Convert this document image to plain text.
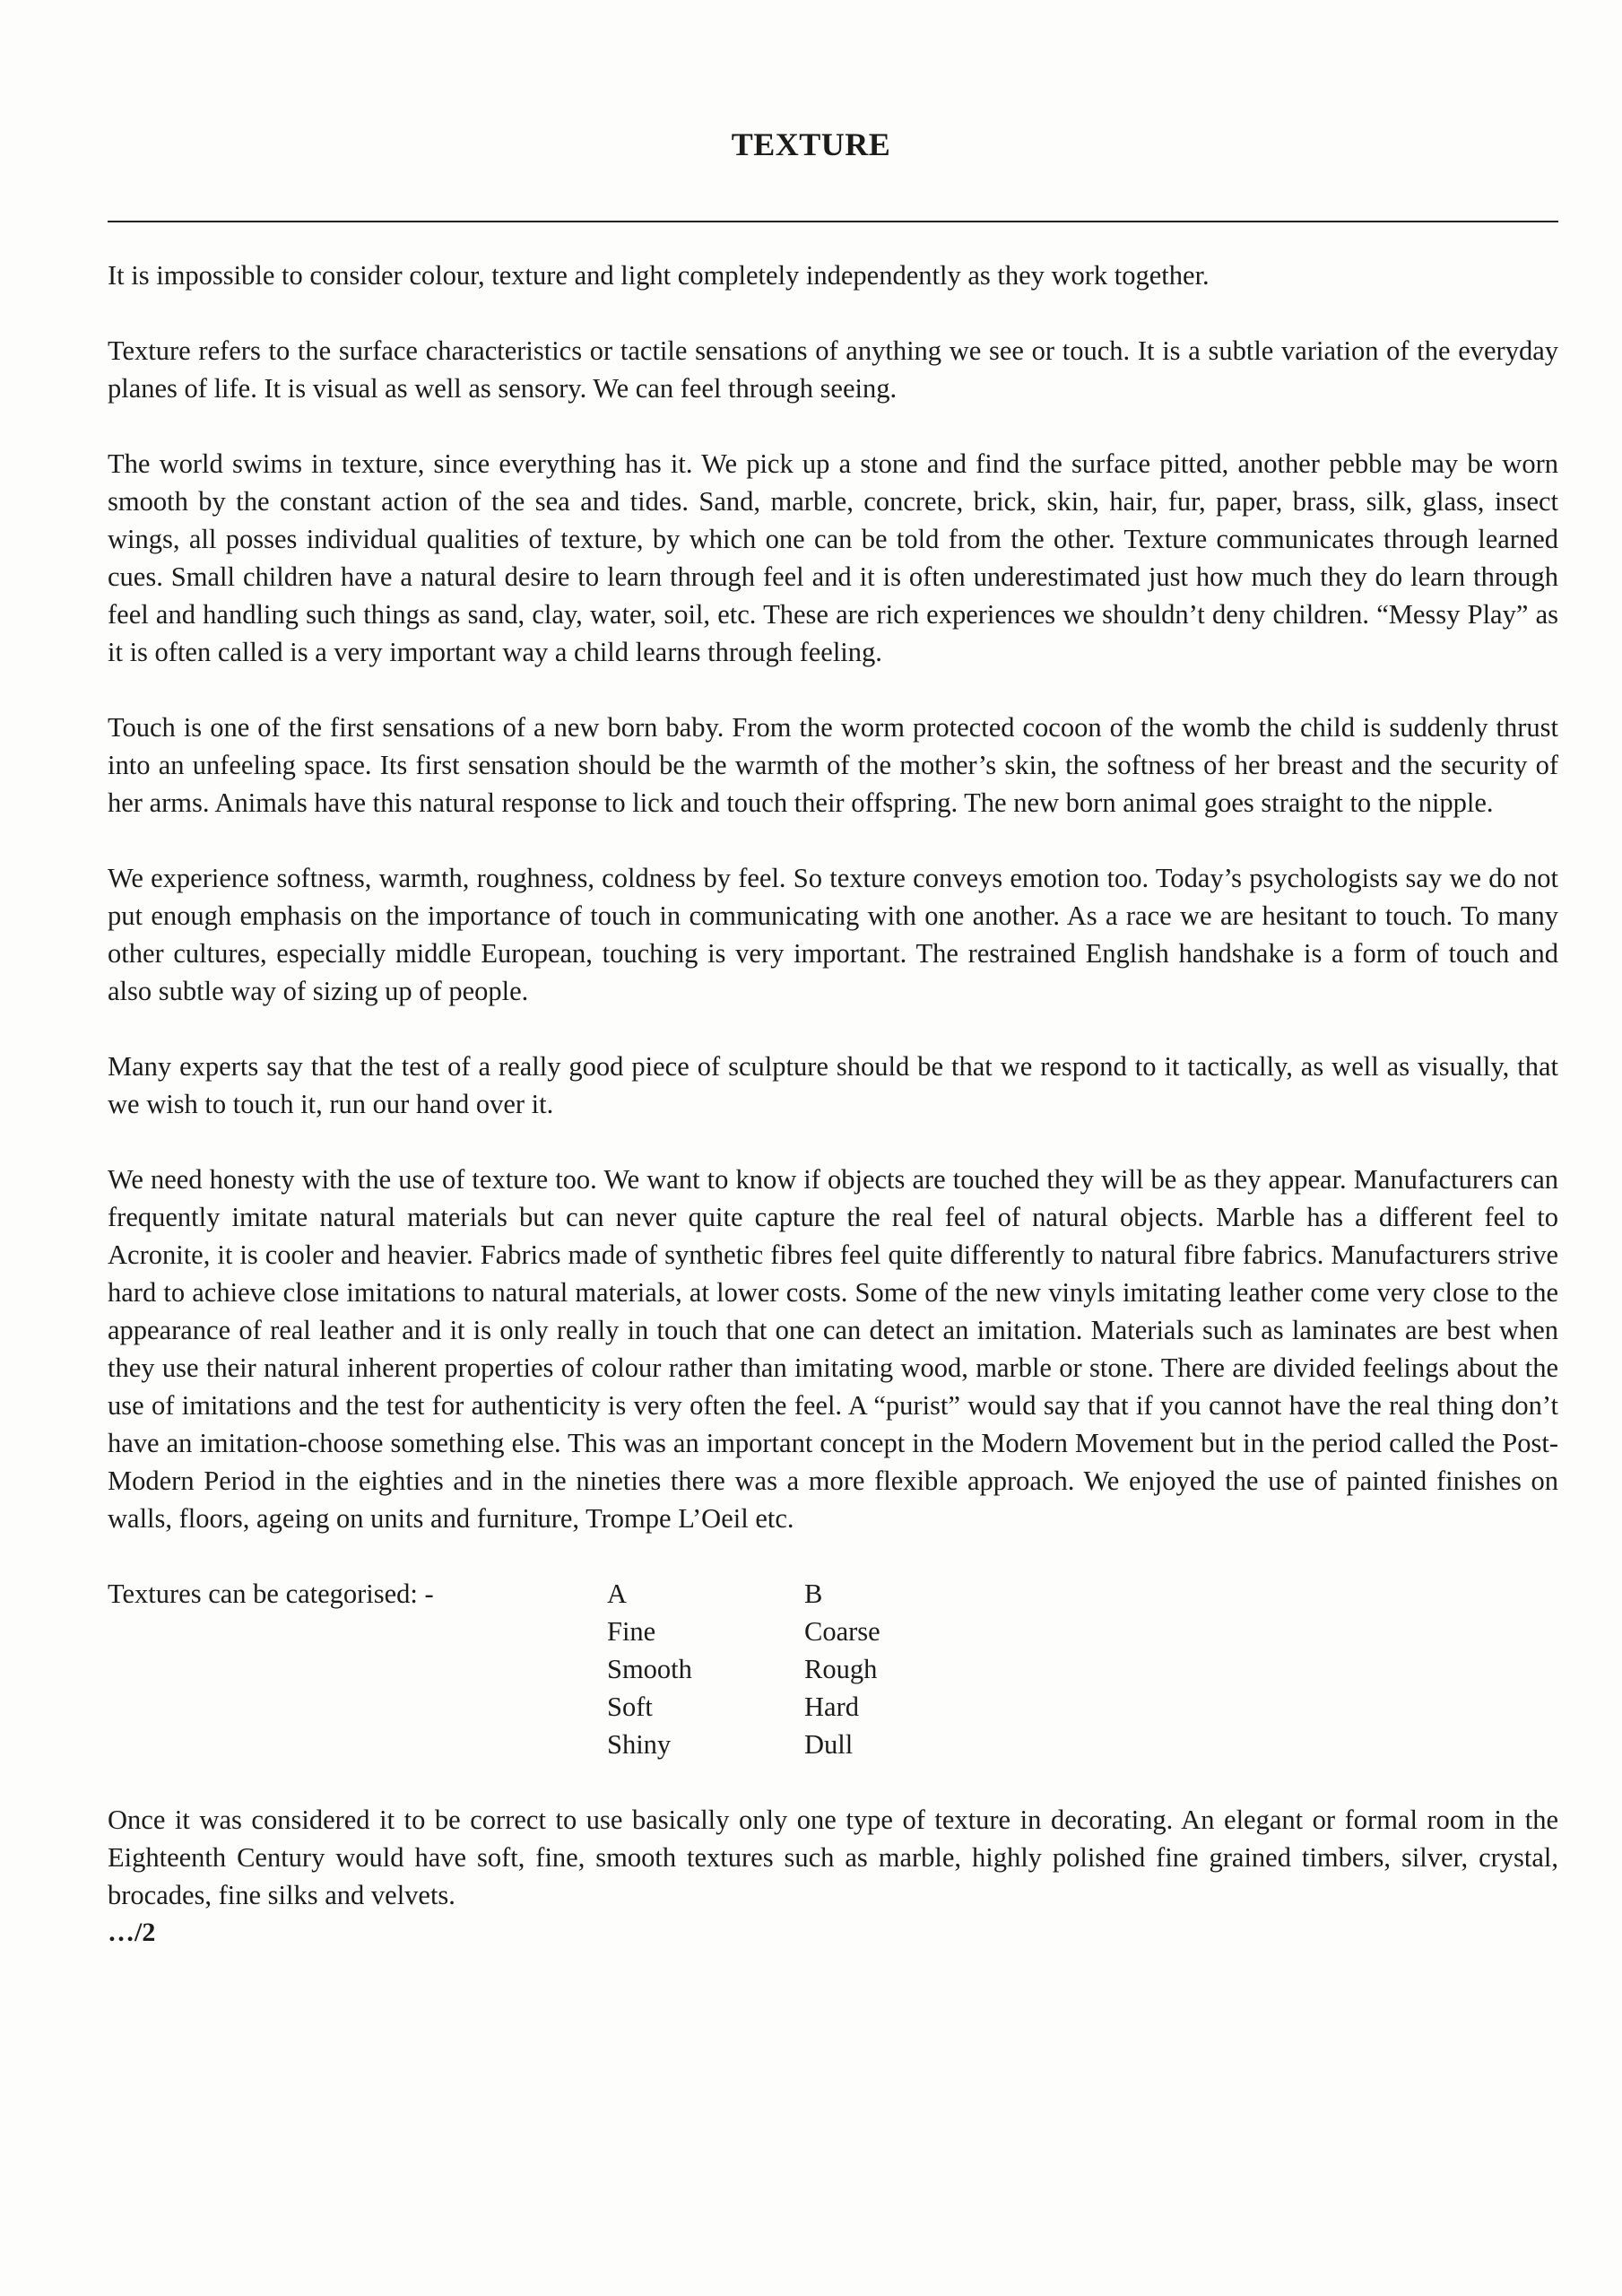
TEXTURE

It is impossible to consider colour, texture and light completely independently as they work together.

Texture refers to the surface characteristics or tactile sensations of anything we see or touch. It is a subtle variation of the everyday planes of life. It is visual as well as sensory. We can feel through seeing.

The world swims in texture, since everything has it. We pick up a stone and find the surface pitted, another pebble may be worn smooth by the constant action of the sea and tides. Sand, marble, concrete, brick, skin, hair, fur, paper, brass, silk, glass, insect wings, all posses individual qualities of texture, by which one can be told from the other. Texture communicates through learned cues. Small children have a natural desire to learn through feel and it is often underestimated just how much they do learn through feel and handling such things as sand, clay, water, soil, etc. These are rich experiences we shouldn’t deny children. “Messy Play” as it is often called is a very important way a child learns through feeling.

Touch is one of the first sensations of a new born baby. From the worm protected cocoon of the womb the child is suddenly thrust into an unfeeling space. Its first sensation should be the warmth of the mother’s skin, the softness of her breast and the security of her arms. Animals have this natural response to lick and touch their offspring. The new born animal goes straight to the nipple.

We experience softness, warmth, roughness, coldness by feel. So texture conveys emotion too. Today’s psychologists say we do not put enough emphasis on the importance of touch in communicating with one another. As a race we are hesitant to touch. To many other cultures, especially middle European, touching is very important. The restrained English handshake is a form of touch and also subtle way of sizing up of people.

Many experts say that the test of a really good piece of sculpture should be that we respond to it tactically, as well as visually, that we wish to touch it, run our hand over it.

We need honesty with the use of texture too. We want to know if objects are touched they will be as they appear. Manufacturers can frequently imitate natural materials but can never quite capture the real feel of natural objects. Marble has a different feel to Acronite, it is cooler and heavier. Fabrics made of synthetic fibres feel quite differently to natural fibre fabrics. Manufacturers strive hard to achieve close imitations to natural materials, at lower costs. Some of the new vinyls imitating leather come very close to the appearance of real leather and it is only really in touch that one can detect an imitation. Materials such as laminates are best when they use their natural inherent properties of colour rather than imitating wood, marble or stone. There are divided feelings about the use of imitations and the test for authenticity is very often the feel. A “purist” would say that if you cannot have the real thing don’t have an imitation-choose something else. This was an important concept in the Modern Movement but in the period called the Post-Modern Period in the eighties and in the nineties there was a more flexible approach. We enjoyed the use of painted finishes on walls, floors, ageing on units and furniture, Trompe L’Oeil etc.

Textures can be categorised: -	A
Fine
Smooth
Soft
Shiny
B
Coarse
Rough
Hard
Dull

Once it was considered it to be correct to use basically only one type of texture in decorating. An elegant or formal room in the Eighteenth Century would have soft, fine, smooth textures such as marble, highly polished fine grained timbers, silver, crystal, brocades, fine silks and velvets.

…/2
